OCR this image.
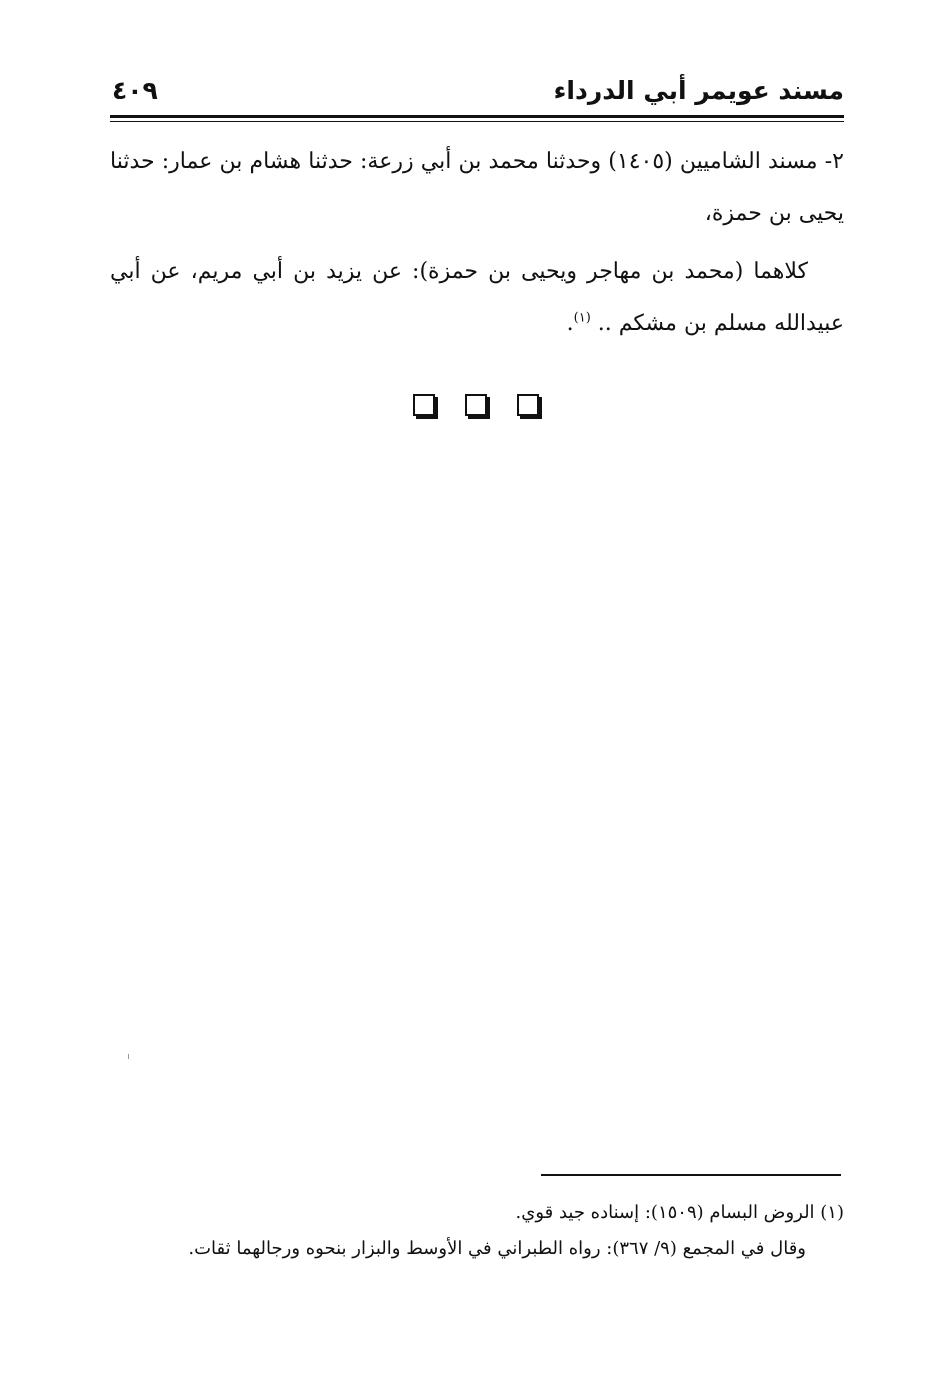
مسند عويمر أبي الدرداء
٤٠٩

٢- مسند الشاميين (١٤٠٥) وحدثنا محمد بن أبي زرعة: حدثنا هشام بن عمار: حدثنا يحيى بن حمزة،

كلاهما (محمد بن مهاجر ويحيى بن حمزة): عن يزيد بن أبي مريم، عن أبي عبيدالله مسلم بن مشكم .. $^{(١)}$.

(١) الروض البسام (١٥٠٩): إسناده جيد قوي.

وقال في المجمع (٩/ ٣٦٧): رواه الطبراني في الأوسط والبزار بنحوه ورجالهما ثقات.
